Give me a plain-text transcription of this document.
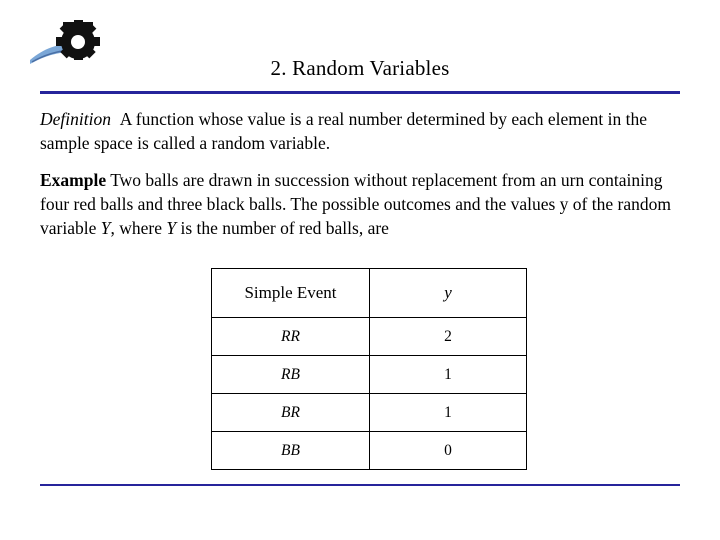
2. Random Variables
Definition A function whose value is a real number determined by each element in the sample space is called a random variable.
Example Two balls are drawn in succession without replacement from an urn containing four red balls and three black balls. The possible outcomes and the values y of the random variable Y, where Y is the number of red balls, are
Simple Event	y
RR	2
RB	1
BR	1
BB	0
